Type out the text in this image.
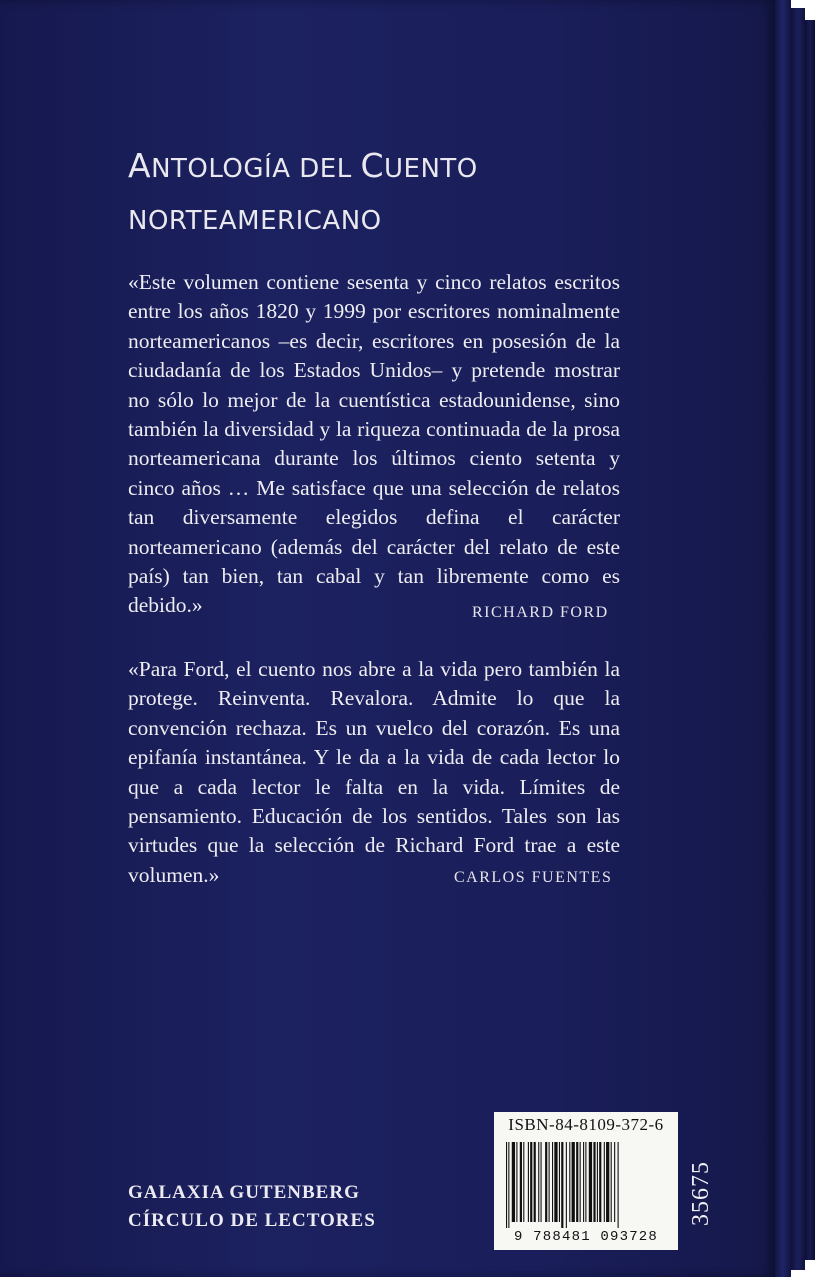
ANTOLOGÍA DEL CUENTO
NORTEAMERICANO
«Este volumen contiene sesenta y cinco relatos escritos entre los años 1820 y 1999 por escritores nominalmente norteamericanos –es decir, escritores en posesión de la ciudadanía de los Estados Unidos– y pretende mostrar no sólo lo mejor de la cuentística estadounidense, sino también la diversidad y la riqueza continuada de la prosa norteamericana durante los últimos ciento setenta y cinco años … Me satisface que una selección de relatos tan diversamente elegidos defina el carácter norteamericano (además del carácter del relato de este país) tan bien, tan cabal y tan libremente como es debido.»	RICHARD FORD
«Para Ford, el cuento nos abre a la vida pero también la protege. Reinventa. Revalora. Admite lo que la convención rechaza. Es un vuelco del corazón. Es una epifanía instantánea. Y le da a la vida de cada lector lo que a cada lector le falta en la vida. Límites de pensamiento. Educación de los sentidos. Tales son las virtudes que la selección de Richard Ford trae a este volumen.»	CARLOS FUENTES
GALAXIA GUTENBERG
CÍRCULO DE LECTORES
ISBN-84-8109-372-6
9 788481 093728
35675
